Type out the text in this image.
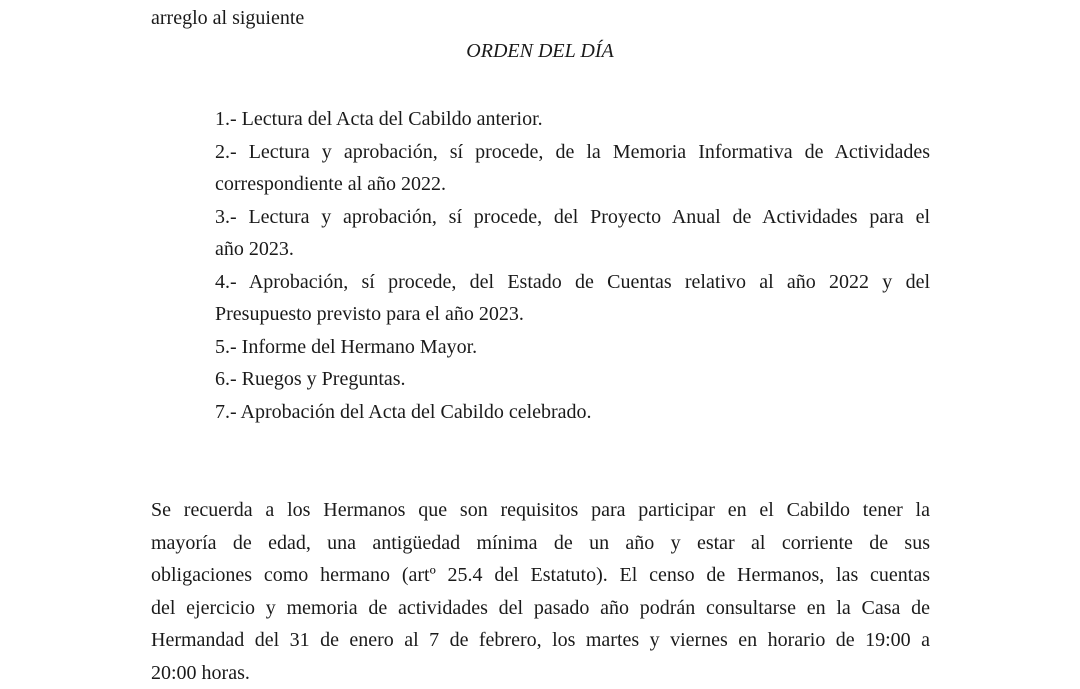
arreglo al siguiente
ORDEN DEL DÍA
1.- Lectura del Acta del Cabildo anterior.
2.- Lectura y aprobación, sí procede, de la Memoria Informativa de Actividades
correspondiente al año 2022.
3.- Lectura y aprobación, sí procede, del Proyecto Anual de Actividades para el
año 2023.
4.- Aprobación, sí procede, del Estado de Cuentas relativo al año 2022 y del
Presupuesto previsto para el año 2023.
5.- Informe del Hermano Mayor.
6.- Ruegos y Preguntas.
7.- Aprobación del Acta del Cabildo celebrado.
Se recuerda a los Hermanos que son requisitos para participar en el Cabildo tener la
mayoría de edad, una antigüedad mínima de un año y estar al corriente de sus
obligaciones como hermano (artº 25.4 del Estatuto). El censo de Hermanos, las cuentas
del ejercicio y memoria de actividades del pasado año podrán consultarse en la Casa de
Hermandad del 31 de enero al 7 de febrero, los martes y viernes en horario de 19:00 a
20:00 horas.
